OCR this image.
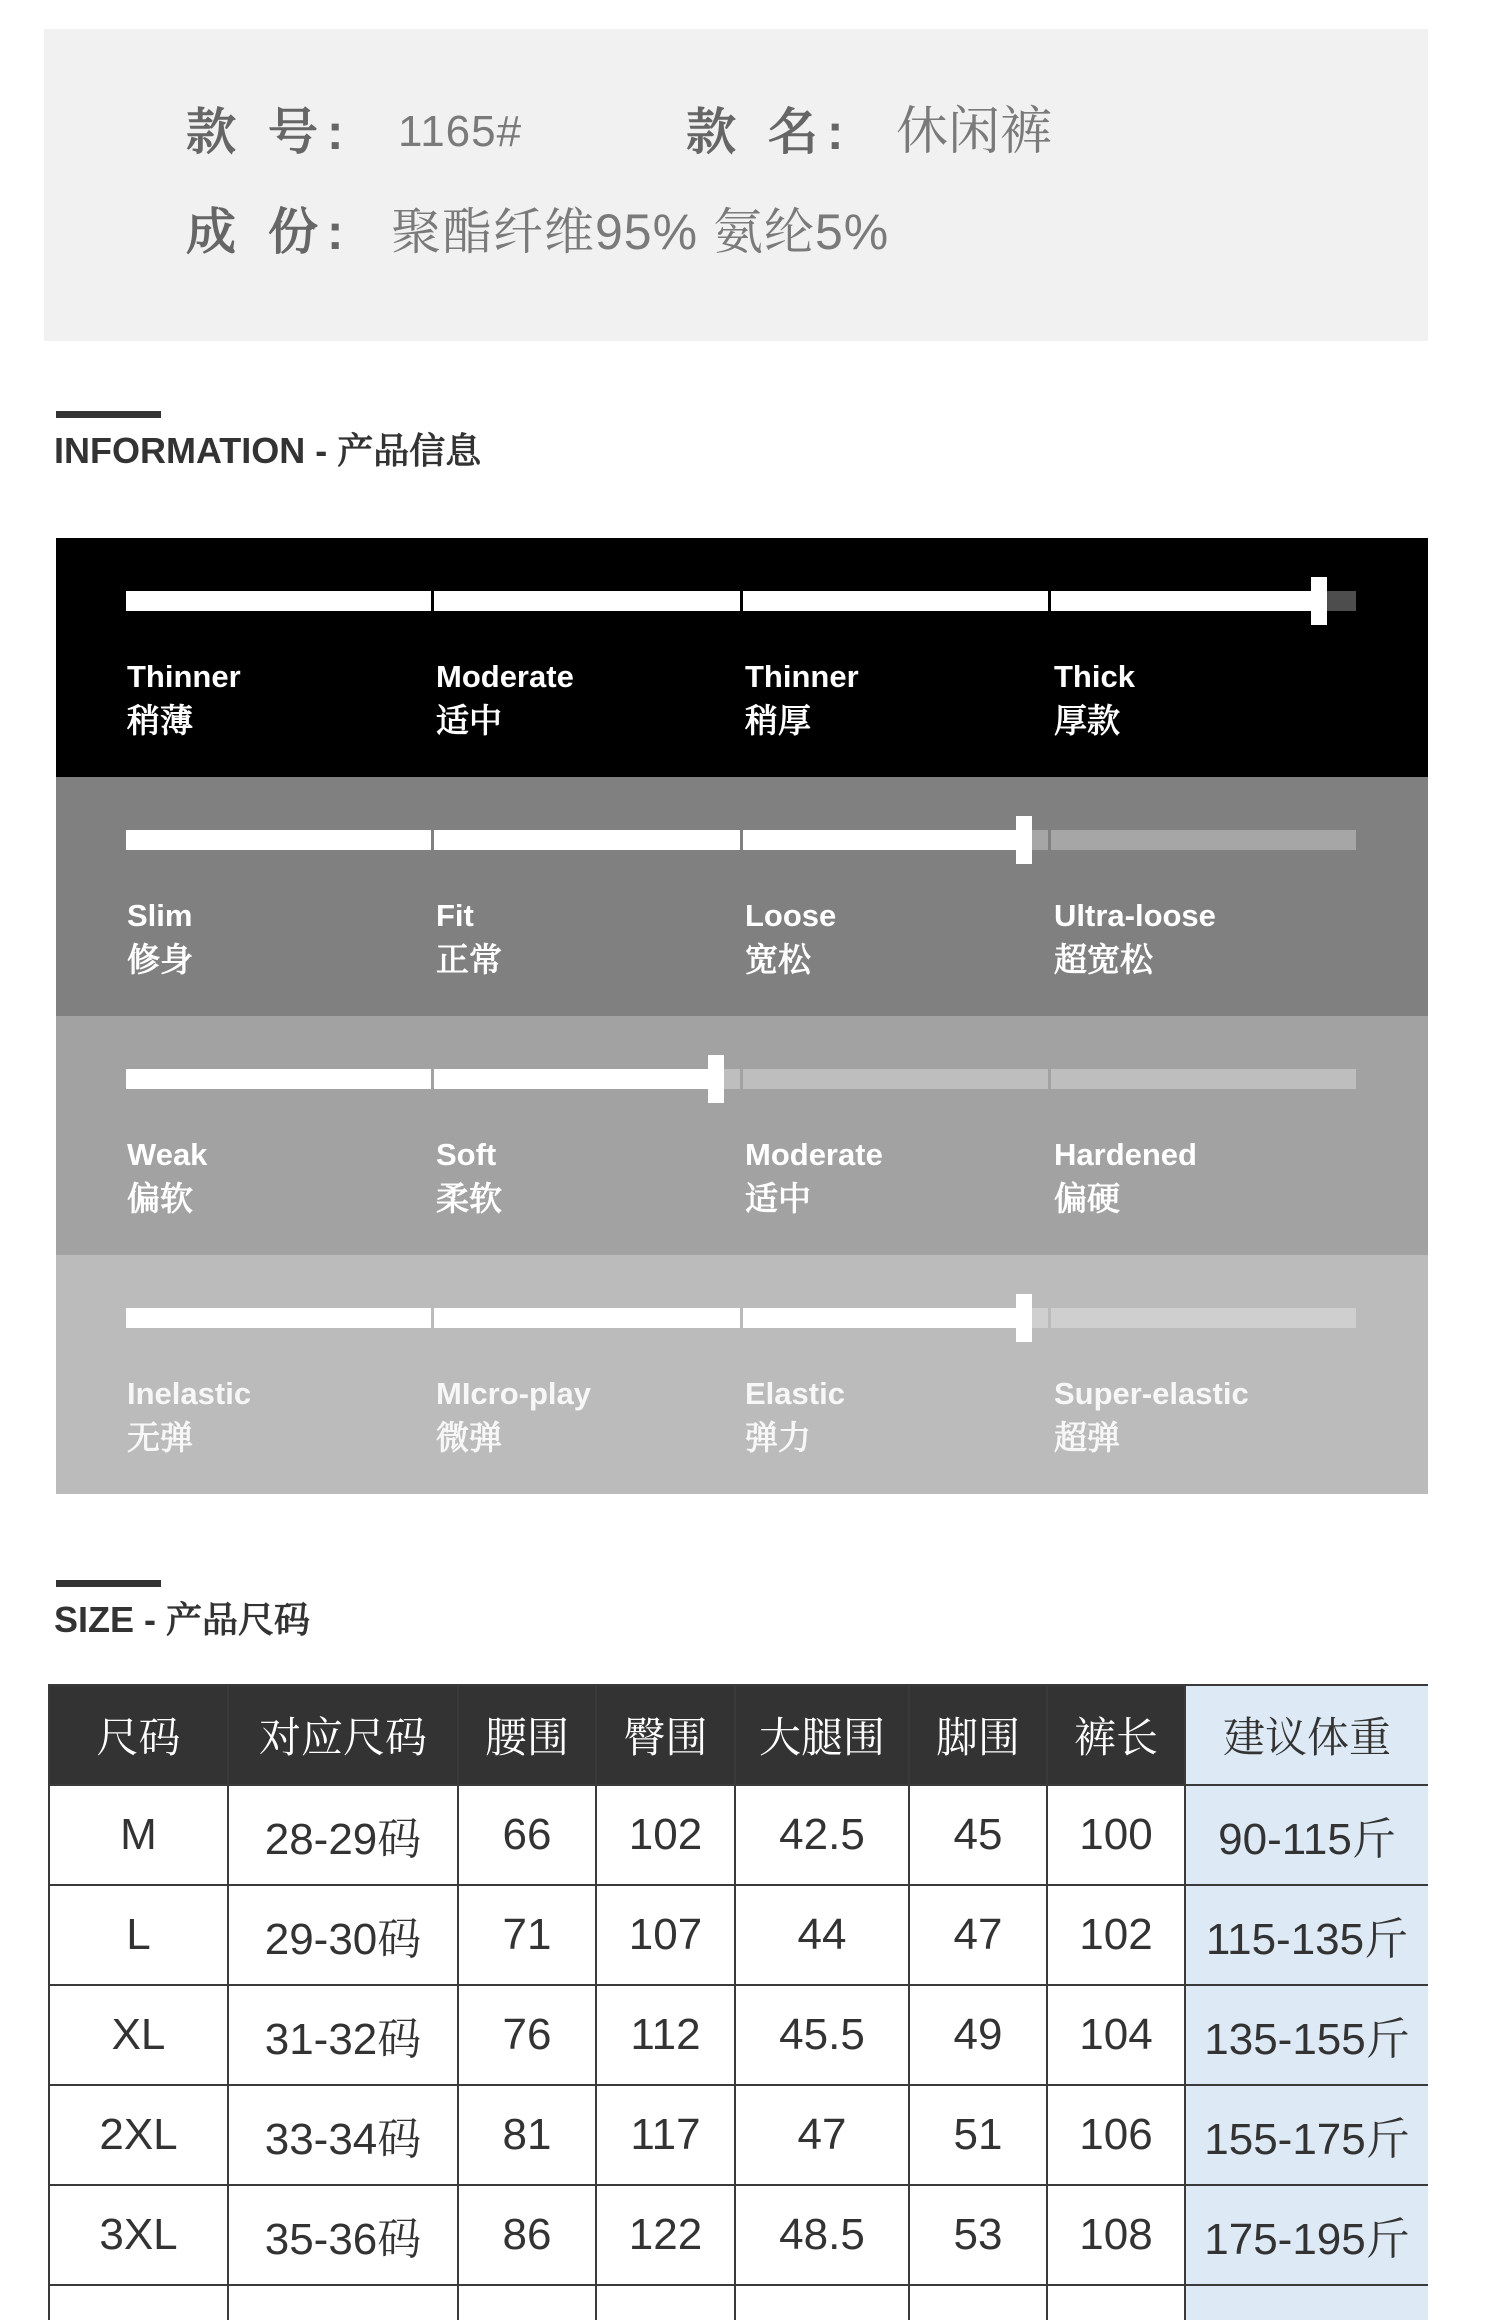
款 号: 1165#	款 名: 休闲裤
成 份: 聚酯纤维95% 氨纶5%
INFORMATION - 产品信息
Thinner
稍薄
Moderate
适中
Thinner
稍厚
Thick
厚款
Slim
修身
Fit
正常
Loose
宽松
Ultra-loose
超宽松
Weak
偏软
Soft
柔软
Moderate
适中
Hardened
偏硬
Inelastic
无弹
MIcro-play
微弹
Elastic
弹力
Super-elastic
超弹
SIZE - 产品尺码
尺码	对应尺码	腰围	臀围	大腿围	脚围	裤长	建议体重
M	28-29码	66	102	42.5	45	100	90-115斤
L	29-30码	71	107	44	47	102	115-135斤
XL	31-32码	76	112	45.5	49	104	135-155斤
2XL	33-34码	81	117	47	51	106	155-175斤
3XL	35-36码	86	122	48.5	53	108	175-195斤
